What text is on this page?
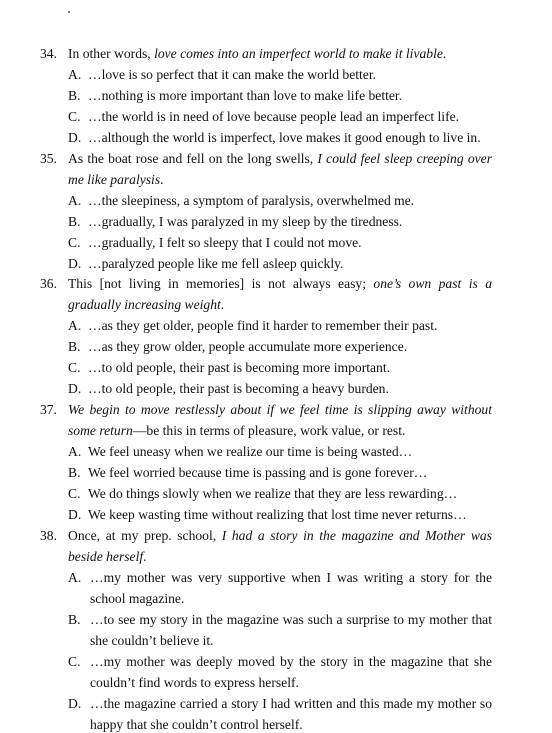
34. In other words, love comes into an imperfect world to make it livable.
A. …love is so perfect that it can make the world better.
B. …nothing is more important than love to make life better.
C. …the world is in need of love because people lead an imperfect life.
D. …although the world is imperfect, love makes it good enough to live in.
35. As the boat rose and fell on the long swells, I could feel sleep creeping over
me like paralysis.
A. …the sleepiness, a symptom of paralysis, overwhelmed me.
B. …gradually, I was paralyzed in my sleep by the tiredness.
C. …gradually, I felt so sleepy that I could not move.
D. …paralyzed people like me fell asleep quickly.
36. This [not living in memories] is not always easy; one’s own past is a
gradually increasing weight.
A. …as they get older, people find it harder to remember their past.
B. …as they grow older, people accumulate more experience.
C. …to old people, their past is becoming more important.
D. …to old people, their past is becoming a heavy burden.
37. We begin to move restlessly about if we feel time is slipping away without
some return—be this in terms of pleasure, work value, or rest.
A. We feel uneasy when we realize our time is being wasted…
B. We feel worried because time is passing and is gone forever…
C. We do things slowly when we realize that they are less rewarding…
D. We keep wasting time without realizing that lost time never returns…
38. Once, at my prep. school, I had a story in the magazine and Mother was
beside herself.
A. …my mother was very supportive when I was writing a story for the
school magazine.
B. …to see my story in the magazine was such a surprise to my mother that
she couldn’t believe it.
C. …my mother was deeply moved by the story in the magazine that she
couldn’t find words to express herself.
D. …the magazine carried a story I had written and this made my mother so
happy that she couldn’t control herself.
